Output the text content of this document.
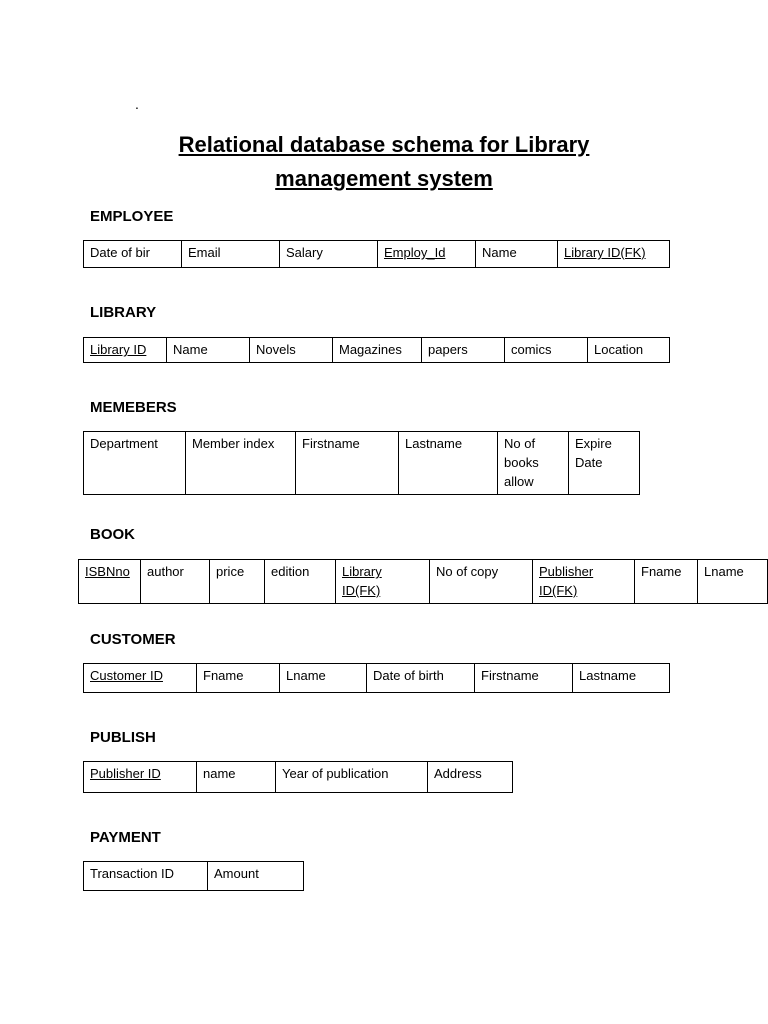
.
Relational database schema for Library
management system
EMPLOYEE
Date of bir	Email	Salary	Employ_Id	Name	Library ID(FK)
LIBRARY
Library ID	Name	Novels	Magazines	papers	comics	Location
MEMEBERS
Department	Member index	Firstname	Lastname	No of books allow	Expire Date
BOOK
ISBNno	author	price	edition	Library ID(FK)	No of copy	Publisher ID(FK)	Fname	Lname
CUSTOMER
Customer ID	Fname	Lname	Date of birth	Firstname	Lastname
PUBLISH
Publisher ID	name	Year of publication	Address
PAYMENT
Transaction ID	Amount
